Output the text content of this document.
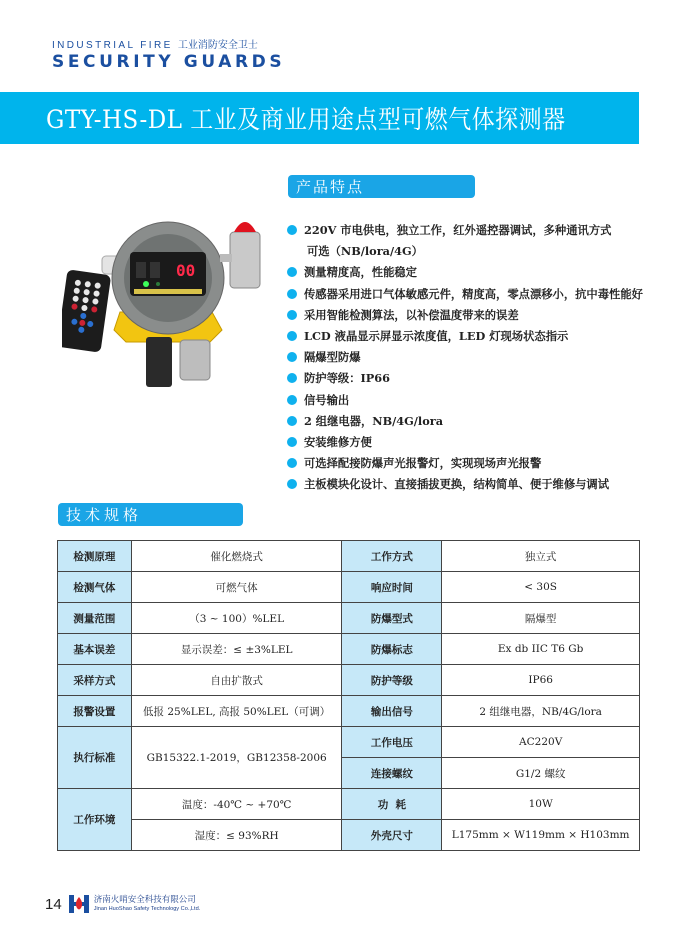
INDUSTRIAL FIRE 工业消防安全卫士
SECURITY GUARDS
GTY-HS-DL 工业及商业用途点型可燃气体探测器
产品特点
00
220V 市电供电，独立工作，红外遥控器调试，多种通讯方式
可选（NB/lora/4G）
测量精度高，性能稳定
传感器采用进口气体敏感元件，精度高，零点漂移小，抗中毒性能好
采用智能检测算法，以补偿温度带来的误差
LCD 液晶显示屏显示浓度值，LED 灯现场状态指示
隔爆型防爆
防护等级：IP66
信号输出
2 组继电器，NB/4G/lora
安装维修方便
可选择配接防爆声光报警灯，实现现场声光报警
主板模块化设计、直接插拔更换，结构简单、便于维修与调试
技术规格
检测原理	催化燃烧式	工作方式	独立式
检测气体	可燃气体	响应时间	< 30S
测量范围	（3 ~ 100）%LEL	防爆型式	隔爆型
基本误差	显示误差：≤ ±3%LEL	防爆标志	Ex db IIC T6 Gb
采样方式	自由扩散式	防护等级	IP66
报警设置	低报 25%LEL, 高报 50%LEL（可调）	输出信号	2 组继电器，NB/4G/lora
执行标准	GB15322.1-2019，GB12358-2006	工作电压	AC220V
		连接螺纹	G1/2 螺纹
工作环境	温度：-40℃ ~ +70℃	功  耗	10W
	湿度：≤ 93%RH	外壳尺寸	L175mm × W119mm × H103mm
14	济南火哨安全科技有限公司
Jinan HuoShao Safety Technology Co.,Ltd.
